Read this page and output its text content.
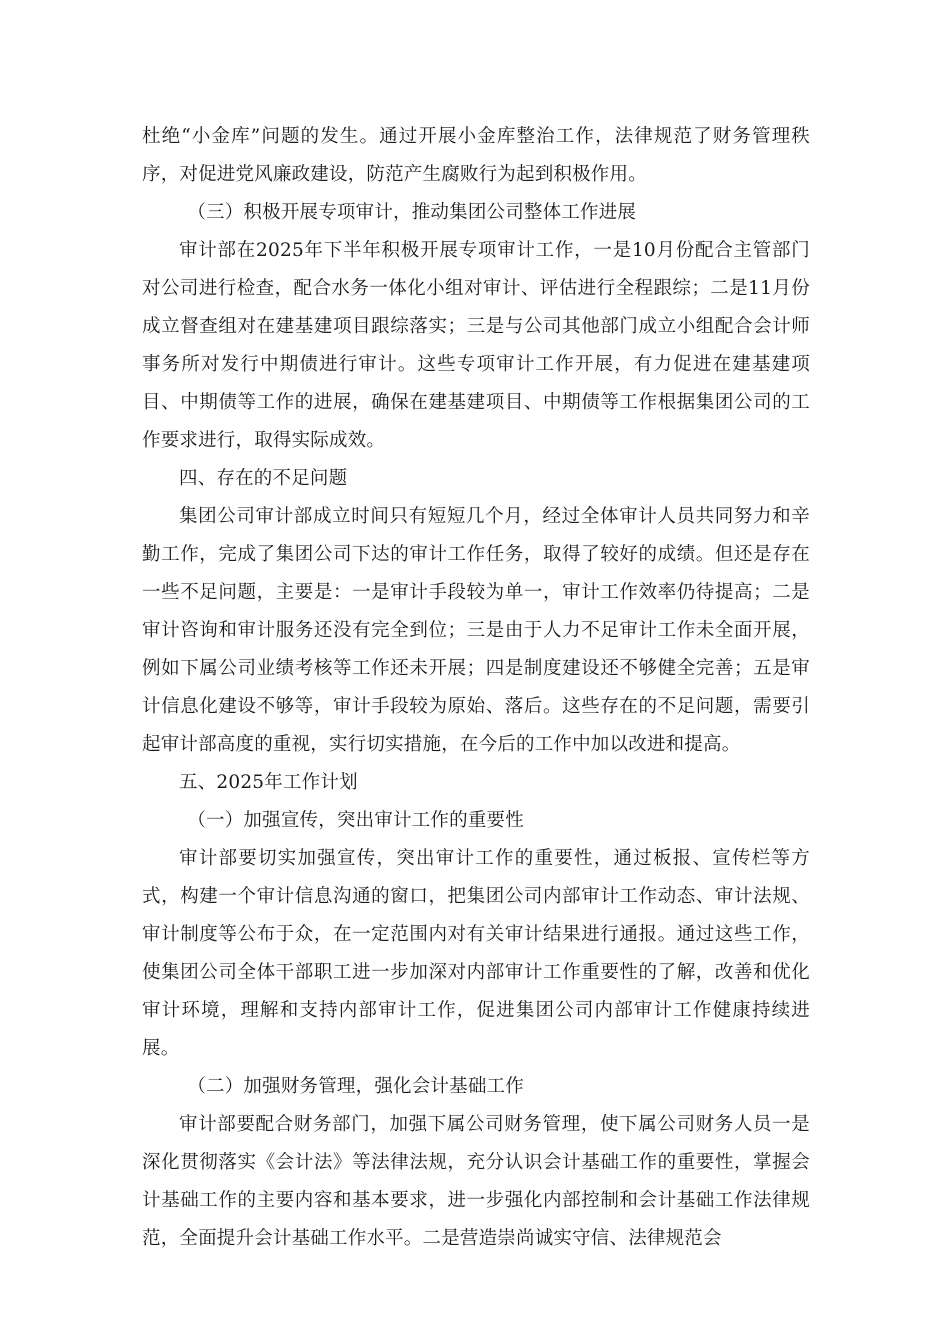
杜绝“小金库”问题的发生。通过开展小金库整治工作，法律规范了财务管理秩序，对促进党风廉政建设，防范产生腐败行为起到积极作用。

（三）积极开展专项审计，推动集团公司整体工作进展

审计部在2025年下半年积极开展专项审计工作，一是10月份配合主管部门对公司进行检查，配合水务一体化小组对审计、评估进行全程跟综；二是11月份成立督查组对在建基建项目跟综落实；三是与公司其他部门成立小组配合会计师事务所对发行中期债进行审计。这些专项审计工作开展，有力促进在建基建项目、中期债等工作的进展，确保在建基建项目、中期债等工作根据集团公司的工作要求进行，取得实际成效。

四、存在的不足问题

集团公司审计部成立时间只有短短几个月，经过全体审计人员共同努力和辛勤工作，完成了集团公司下达的审计工作任务，取得了较好的成绩。但还是存在一些不足问题，主要是：一是审计手段较为单一，审计工作效率仍待提高；二是审计咨询和审计服务还没有完全到位；三是由于人力不足审计工作未全面开展，例如下属公司业绩考核等工作还未开展；四是制度建设还不够健全完善；五是审计信息化建设不够等，审计手段较为原始、落后。这些存在的不足问题，需要引起审计部高度的重视，实行切实措施，在今后的工作中加以改进和提高。

五、2025年工作计划

（一）加强宣传，突出审计工作的重要性

审计部要切实加强宣传，突出审计工作的重要性，通过板报、宣传栏等方式，构建一个审计信息沟通的窗口，把集团公司内部审计工作动态、审计法规、审计制度等公布于众，在一定范围内对有关审计结果进行通报。通过这些工作，使集团公司全体干部职工进一步加深对内部审计工作重要性的了解，改善和优化审计环境，理解和支持内部审计工作，促进集团公司内部审计工作健康持续进展。

（二）加强财务管理，强化会计基础工作

审计部要配合财务部门，加强下属公司财务管理，使下属公司财务人员一是深化贯彻落实《会计法》等法律法规，充分认识会计基础工作的重要性，掌握会计基础工作的主要内容和基本要求，进一步强化内部控制和会计基础工作法律规范，全面提升会计基础工作水平。二是营造崇尚诚实守信、法律规范会
